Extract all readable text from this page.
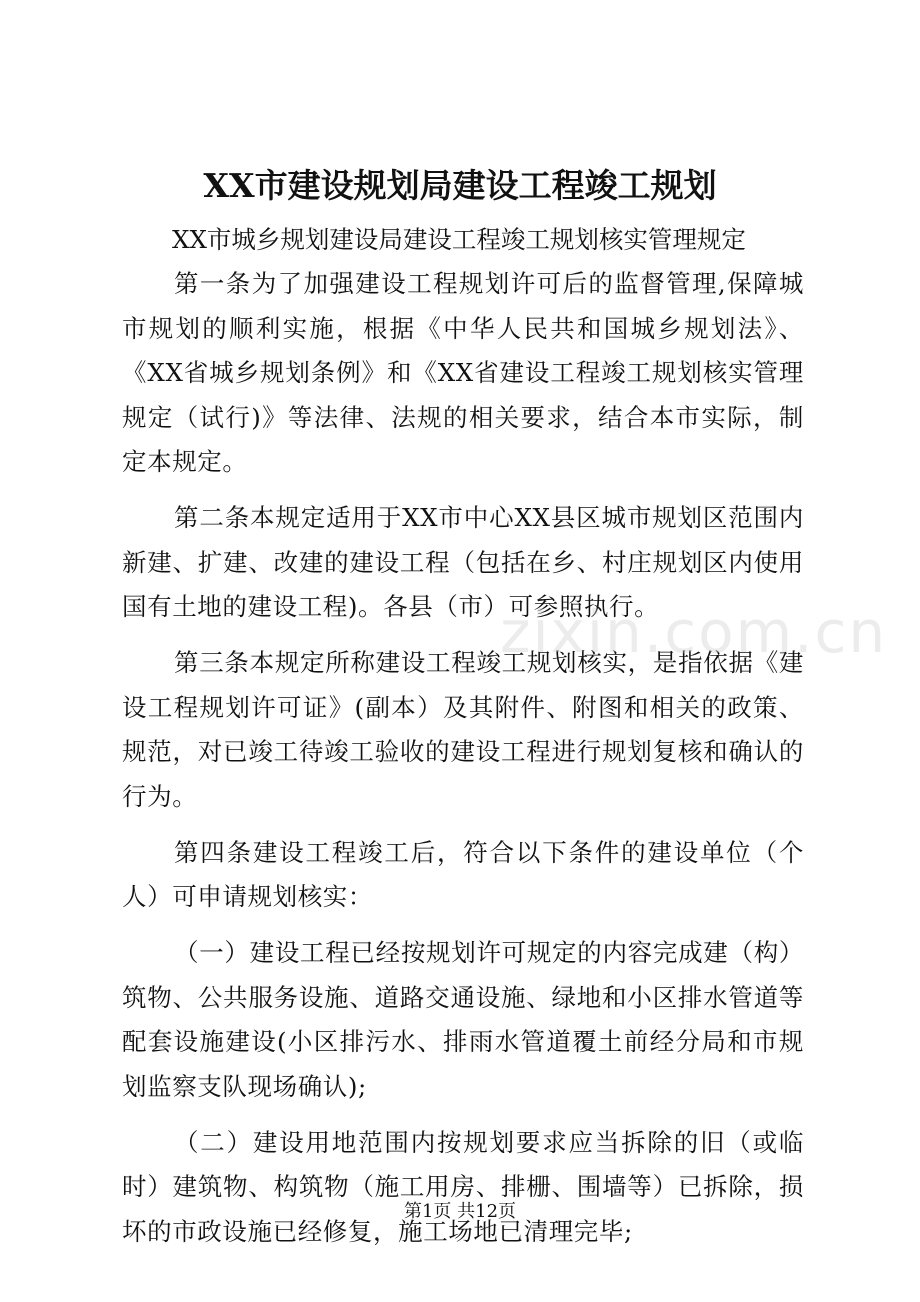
XX市建设规划局建设工程竣工规划
XX市城乡规划建设局建设工程竣工规划核实管理规定

第一条为了加强建设工程规划许可后的监督管理,保障城市规划的顺利实施，根据《中华人民共和国城乡规划法》、《XX省城乡规划条例》和《XX省建设工程竣工规划核实管理规定（试行)》等法律、法规的相关要求，结合本市实际，制定本规定。

第二条本规定适用于XX市中心XX县区城市规划区范围内新建、扩建、改建的建设工程（包括在乡、村庄规划区内使用国有土地的建设工程)。各县（市）可参照执行。

第三条本规定所称建设工程竣工规划核实，是指依据《建设工程规划许可证》(副本）及其附件、附图和相关的政策、规范，对已竣工待竣工验收的建设工程进行规划复核和确认的行为。

第四条建设工程竣工后，符合以下条件的建设单位（个人）可申请规划核实：

（一）建设工程已经按规划许可规定的内容完成建（构）筑物、公共服务设施、道路交通设施、绿地和小区排水管道等配套设施建设(小区排污水、排雨水管道覆土前经分局和市规划监察支队现场确认);

（二）建设用地范围内按规划要求应当拆除的旧（或临时）建筑物、构筑物（施工用房、排栅、围墙等）已拆除，损坏的市政设施已经修复，施工场地已清理完毕;

zixin.com.cn
第1页 共12页
